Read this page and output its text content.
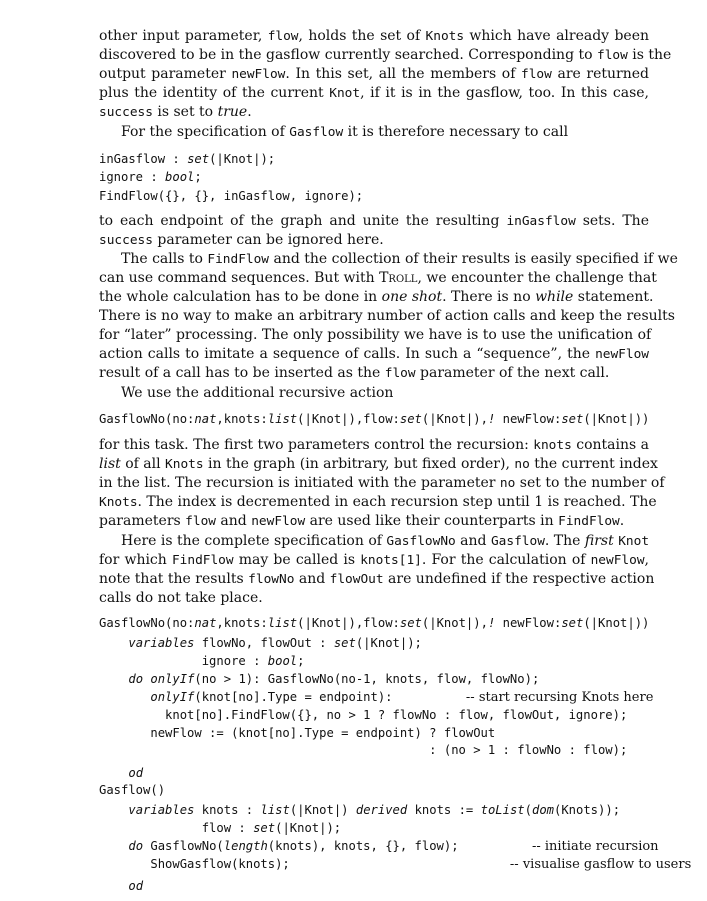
other input parameter, flow, holds the set of Knots which have already been
discovered to be in the gasflow currently searched. Corresponding to flow is the
output parameter newFlow. In this set, all the members of flow are returned
plus the identity of the current Knot, if it is in the gasflow, too. In this case,
success is set to true.
For the specification of Gasflow it is therefore necessary to call
inGasflow : set(|Knot|);
ignore : bool;
FindFlow({}, {}, inGasflow, ignore);
to each endpoint of the graph and unite the resulting inGasflow sets. The
success parameter can be ignored here.
The calls to FindFlow and the collection of their results is easily specified if we
can use command sequences. But with Troll, we encounter the challenge that
the whole calculation has to be done in one shot. There is no while statement.
There is no way to make an arbitrary number of action calls and keep the results
for “later” processing. The only possibility we have is to use the unification of
action calls to imitate a sequence of calls. In such a “sequence”, the newFlow
result of a call has to be inserted as the flow parameter of the next call.
We use the additional recursive action
GasflowNo(no:nat,knots:list(|Knot|),flow:set(|Knot|),! newFlow:set(|Knot|))
for this task. The first two parameters control the recursion: knots contains a
list of all Knots in the graph (in arbitrary, but fixed order), no the current index
in the list. The recursion is initiated with the parameter no set to the number of
Knots. The index is decremented in each recursion step until 1 is reached. The
parameters flow and newFlow are used like their counterparts in FindFlow.
Here is the complete specification of GasflowNo and Gasflow. The first Knot
for which FindFlow may be called is knots[1]. For the calculation of newFlow,
note that the results flowNo and flowOut are undefined if the respective action
calls do not take place.
GasflowNo(no:nat,knots:list(|Knot|),flow:set(|Knot|),! newFlow:set(|Knot|))
variables flowNo, flowOut : set(|Knot|);
ignore : bool;
do onlyIf(no > 1): GasflowNo(no-1, knots, flow, flowNo);
onlyIf(knot[no].Type = endpoint):          -- start recursing Knots here
knot[no].FindFlow({}, no > 1 ? flowNo : flow, flowOut, ignore);
newFlow := (knot[no].Type = endpoint) ? flowOut
: (no > 1 : flowNo : flow);
od
Gasflow()
variables knots : list(|Knot|) derived knots := toList(dom(Knots));
flow : set(|Knot|);
do GasflowNo(length(knots), knots, {}, flow);          -- initiate recursion
ShowGasflow(knots);                              -- visualise gasflow to users
od
